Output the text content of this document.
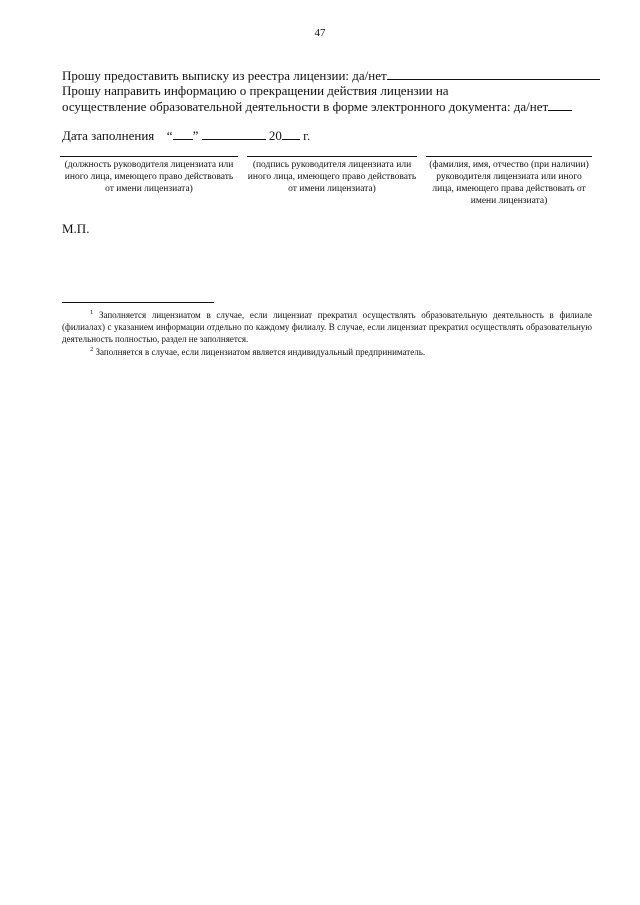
47
Прошу предоставить выписку из реестра лицензии: да/нет
Прошу направить информацию о прекращении действия лицензии на
осуществление образовательной деятельности в форме электронного документа: да/нет
Дата заполнения “ ”	20 г.
(должность руководителя лицензиата или иного лица, имеющего право действовать от имени лицензиата)
(подпись руководителя лицензиата или иного лица, имеющего право действовать от имени лицензиата)
(фамилия, имя, отчество (при наличии) руководителя лицензиата или иного лица, имеющего права действовать от имени лицензиата)
М.П.
$^1$ Заполняется лицензиатом в случае, если лицензиат прекратил осуществлять образовательную деятельность в филиале (филиалах) с указанием информации отдельно по каждому филиалу. В случае, если лицензиат прекратил осуществлять образовательную деятельность полностью, раздел не заполняется.
$^2$ Заполняется в случае, если лицензиатом является индивидуальный предприниматель.
